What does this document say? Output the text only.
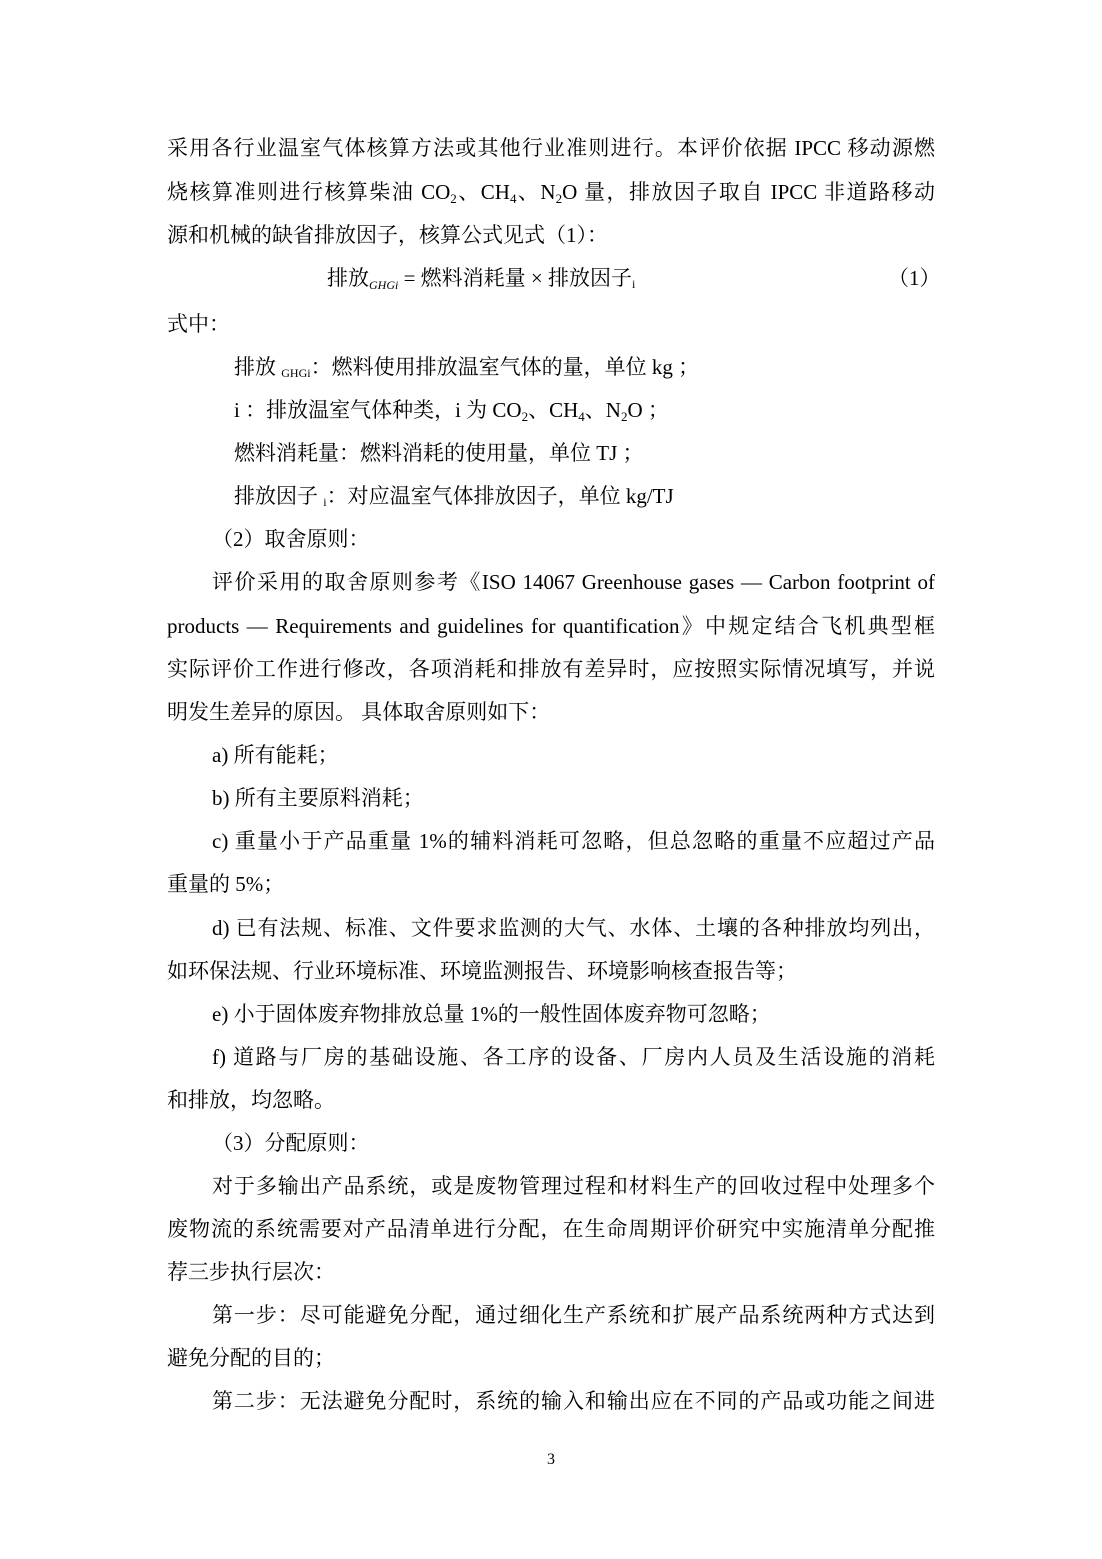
采用各行业温室气体核算方法或其他行业准则进行。本评价依据 IPCC 移动源燃
烧核算准则进行核算柴油 $CO_2$、$CH_4$、$N_2O$ 量，排放因子取自 IPCC 非道路移动
源和机械的缺省排放因子，核算公式见式（1）：
排放GHGi = 燃料消耗量 × 排放因子i	（1）
式中：
排放 GHGi：燃料使用排放温室气体的量，单位 kg ；
i ：排放温室气体种类，i 为 $CO_2$、$CH_4$、$N_2O$ ；
燃料消耗量：燃料消耗的使用量，单位 TJ ；
排放因子 i：对应温室气体排放因子，单位 kg/TJ
（2）取舍原则：
评价采用的取舍原则参考《ISO 14067 Greenhouse gases — Carbon footprint of
products — Requirements and guidelines for quantification》中规定结合飞机典型框
实际评价工作进行修改，各项消耗和排放有差异时，应按照实际情况填写，并说
明发生差异的原因。 具体取舍原则如下：
a) 所有能耗；
b) 所有主要原料消耗；
c) 重量小于产品重量 1%的辅料消耗可忽略，但总忽略的重量不应超过产品
重量的 5%；
d) 已有法规、标准、文件要求监测的大气、水体、土壤的各种排放均列出，
如环保法规、行业环境标准、环境监测报告、环境影响核查报告等；
e) 小于固体废弃物排放总量 1%的一般性固体废弃物可忽略；
f) 道路与厂房的基础设施、各工序的设备、厂房内人员及生活设施的消耗
和排放，均忽略。
（3）分配原则：
对于多输出产品系统，或是废物管理过程和材料生产的回收过程中处理多个
废物流的系统需要对产品清单进行分配，在生命周期评价研究中实施清单分配推
荐三步执行层次：
第一步：尽可能避免分配，通过细化生产系统和扩展产品系统两种方式达到
避免分配的目的；
第二步：无法避免分配时，系统的输入和输出应在不同的产品或功能之间进
3
